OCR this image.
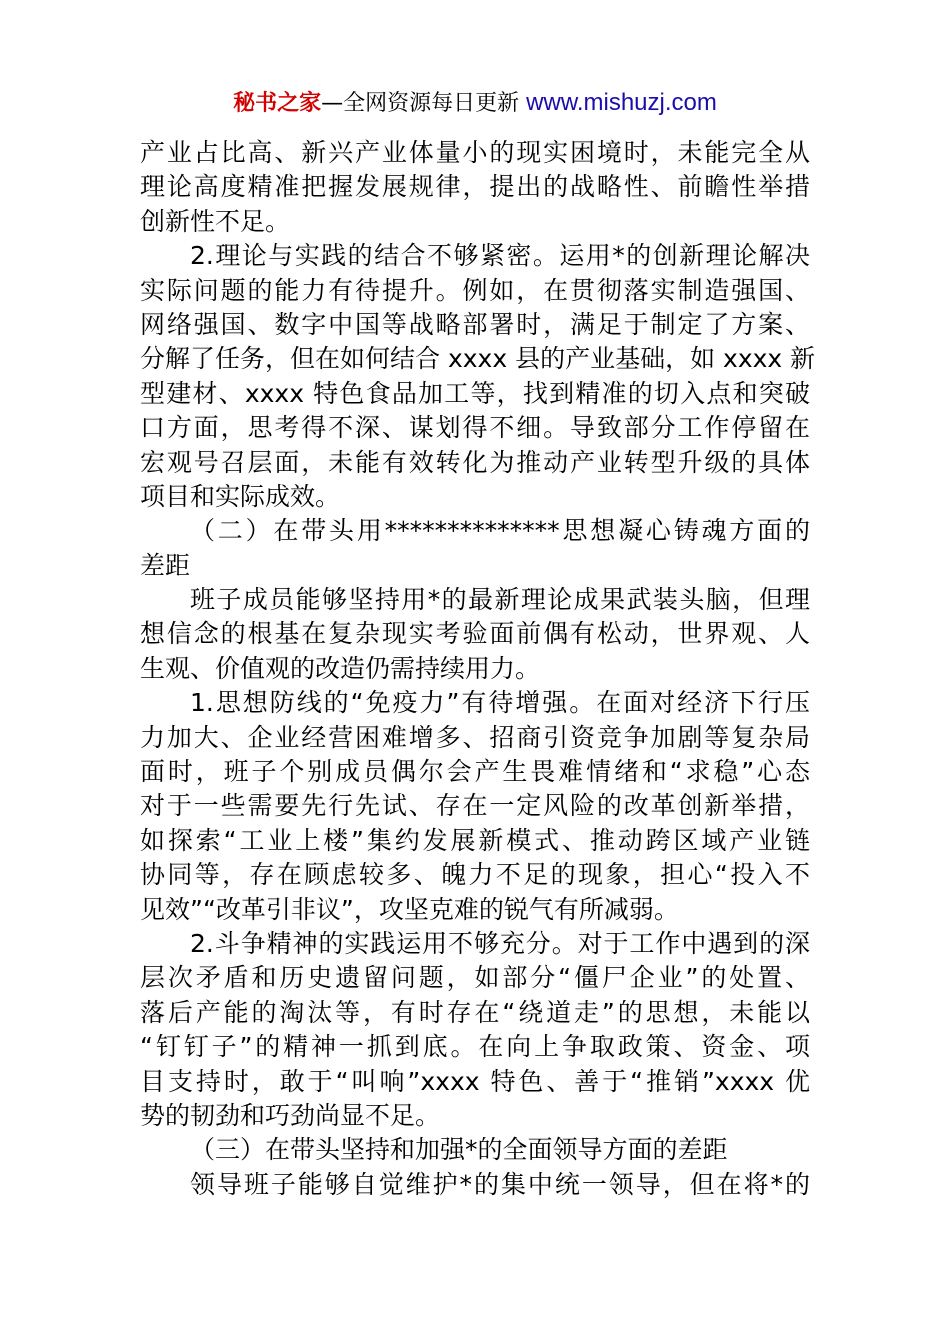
秘书之家—全网资源每日更新 www.mishuzj.com
产业占比高、新兴产业体量小的现实困境时，未能完全从
理论高度精准把握发展规律，提出的战略性、前瞻性举措
创新性不足。
2.理论与实践的结合不够紧密。运用*的创新理论解决
实际问题的能力有待提升。例如，在贯彻落实制造强国、
网络强国、数字中国等战略部署时，满足于制定了方案、
分解了任务，但在如何结合 xxxx 县的产业基础，如 xxxx 新
型建材、xxxx 特色食品加工等，找到精准的切入点和突破
口方面，思考得不深、谋划得不细。导致部分工作停留在
宏观号召层面，未能有效转化为推动产业转型升级的具体
项目和实际成效。
（二）在带头用**************思想凝心铸魂方面的
差距
班子成员能够坚持用*的最新理论成果武装头脑，但理
想信念的根基在复杂现实考验面前偶有松动，世界观、人
生观、价值观的改造仍需持续用力。
1.思想防线的“免疫力”有待增强。在面对经济下行压
力加大、企业经营困难增多、招商引资竞争加剧等复杂局
面时，班子个别成员偶尔会产生畏难情绪和“求稳”心态
对于一些需要先行先试、存在一定风险的改革创新举措，
如探索“工业上楼”集约发展新模式、推动跨区域产业链
协同等，存在顾虑较多、魄力不足的现象，担心“投入不
见效”“改革引非议”，攻坚克难的锐气有所减弱。
2.斗争精神的实践运用不够充分。对于工作中遇到的深
层次矛盾和历史遗留问题，如部分“僵尸企业”的处置、
落后产能的淘汰等，有时存在“绕道走”的思想，未能以
“钉钉子”的精神一抓到底。在向上争取政策、资金、项
目支持时，敢于“叫响”xxxx 特色、善于“推销”xxxx 优
势的韧劲和巧劲尚显不足。
（三）在带头坚持和加强*的全面领导方面的差距
领导班子能够自觉维护*的集中统一领导，但在将*的
